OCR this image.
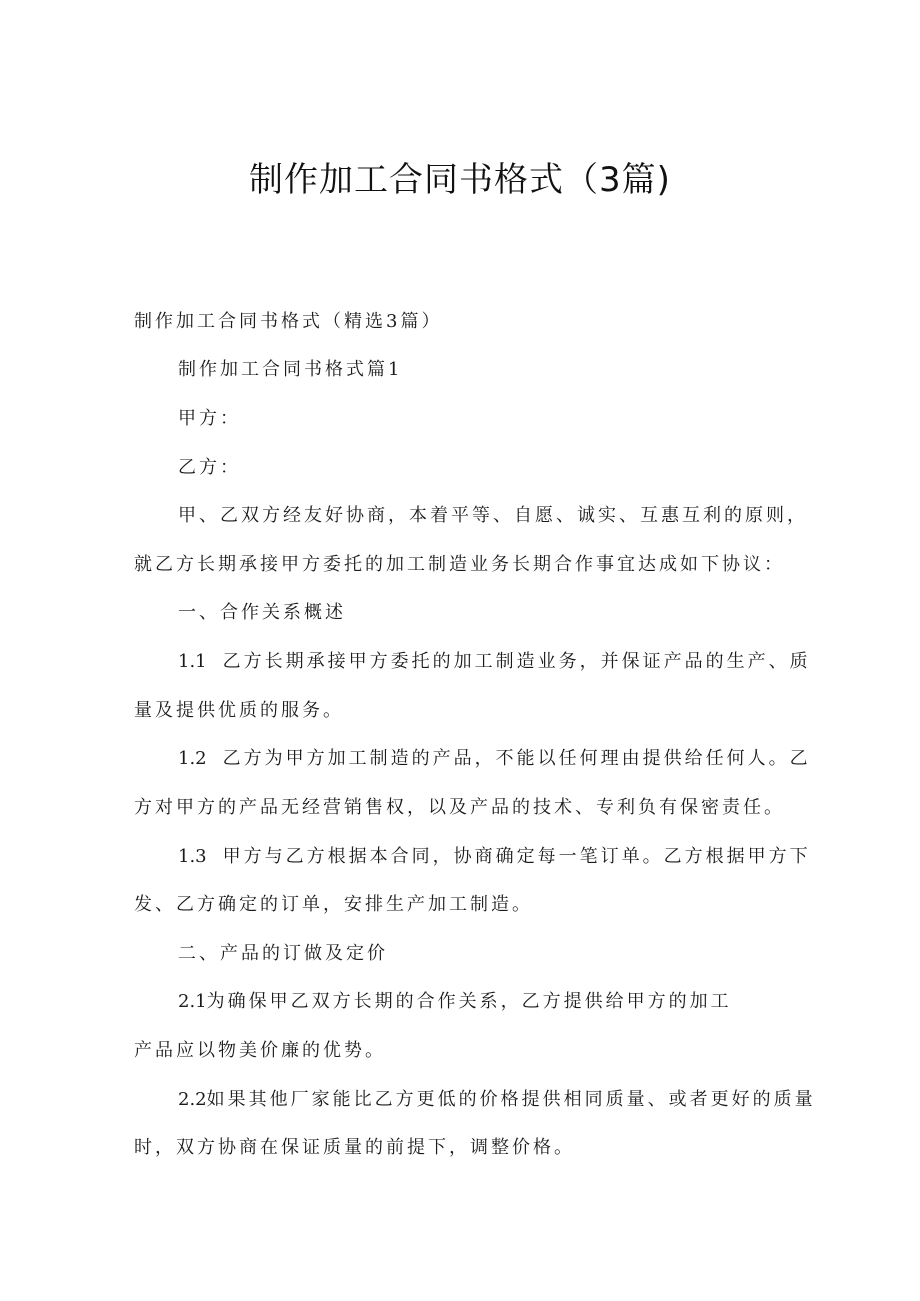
制作加工合同书格式（3篇)

制作加工合同书格式（精选3篇）

制作加工合同书格式篇1

甲方：

乙方：

甲、乙双方经友好协商，本着平等、自愿、诚实、互惠互利的原则，

就乙方长期承接甲方委托的加工制造业务长期合作事宜达成如下协议：

一、合作关系概述

1.1 乙方长期承接甲方委托的加工制造业务，并保证产品的生产、质

量及提供优质的服务。

1.2 乙方为甲方加工制造的产品，不能以任何理由提供给任何人。乙

方对甲方的产品无经营销售权，以及产品的技术、专利负有保密责任。

1.3 甲方与乙方根据本合同，协商确定每一笔订单。乙方根据甲方下

发、乙方确定的订单，安排生产加工制造。

二、产品的订做及定价

2.1为确保甲乙双方长期的合作关系，乙方提供给甲方的加工

产品应以物美价廉的优势。

2.2如果其他厂家能比乙方更低的价格提供相同质量、或者更好的质量

时，双方协商在保证质量的前提下，调整价格。
